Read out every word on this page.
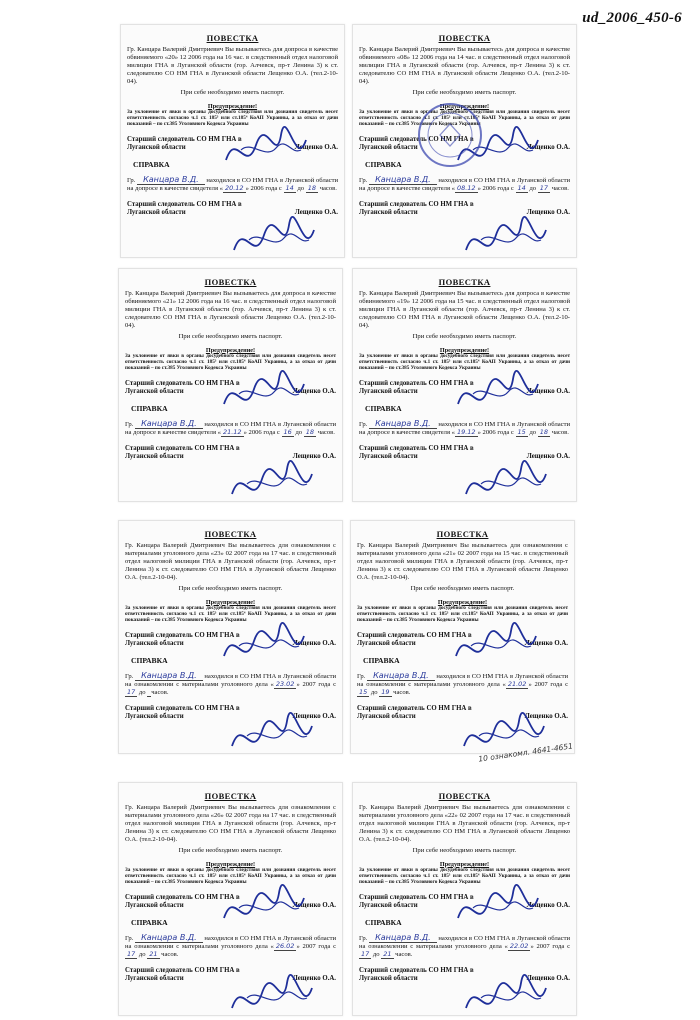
ud_2006_450-6
ПОВЕСТКА
Гр. Канцара Валерий Дмитриевич Вы вызываетесь для допроса в качестве обвиняемого «20» 12 2006 года на 16 час. в следственный отдел налоговой милиции ГНА в Луганской области (гор. Алчевск, пр-т Ленина 3) к ст. следователю СО НМ ГНА в Луганской области Лещенко О.А. (тел.2-10-04).
При себе необходимо иметь паспорт.
Предупреждение!
За уклонение от явки в органы досудебного следствия или дознания свидетель несет ответственность согласно ч.1 ст. 185³ или ст.185⁴ КоАП Украины, а за отказ от дачи показаний – по ст.385 Уголовного Кодекса Украины
Старший следователь СО НМ ГНА в Луганской области	Лещенко О.А.
СПРАВКА
Гр. Канцара В.Д. находился в СО НМ ГНА в Луганской области на допросе в качестве свидетеля « 20.12 » 2006 года с 14 до 18 часов.
Старший следователь СО НМ ГНА в Луганской области	Лещенко О.А.
ПОВЕСТКА
Гр. Канцара Валерий Дмитриевич Вы вызываетесь для допроса в качестве обвиняемого «08» 12 2006 года на 14 час. в следственный отдел налоговой милиции ГНА в Луганской области (гор. Алчевск, пр-т Ленина 3) к ст. следователю СО НМ ГНА в Луганской области Лещенко О.А. (тел.2-10-04).
При себе необходимо иметь паспорт.
Предупреждение!
За уклонение от явки в органы досудебного следствия или дознания свидетель несет ответственность согласно ч.1 ст. 185³ или ст.185⁴ КоАП Украины, а за отказ от дачи показаний – по ст.385 Уголовного Кодекса Украины
Старший следователь СО НМ ГНА в Луганской области	Лещенко О.А.
СПРАВКА
Гр. Канцара В.Д. находился в СО НМ ГНА в Луганской области на допросе в качестве свидетеля « 08.12 » 2006 года с 14 до 17 часов.
Старший следователь СО НМ ГНА в Луганской области	Лещенко О.А.
ПОВЕСТКА
Гр. Канцара Валерий Дмитриевич Вы вызываетесь для допроса в качестве обвиняемого «21» 12 2006 года на 16 час. в следственный отдел налоговой милиции ГНА в Луганской области (гор. Алчевск, пр-т Ленина 3) к ст. следователю СО НМ ГНА в Луганской области Лещенко О.А. (тел.2-10-04).
При себе необходимо иметь паспорт.
Предупреждение!
За уклонение от явки в органы досудебного следствия или дознания свидетель несет ответственность согласно ч.1 ст. 185³ или ст.185⁴ КоАП Украины, а за отказ от дачи показаний – по ст.385 Уголовного Кодекса Украины
Старший следователь СО НМ ГНА в Луганской области	Лещенко О.А.
СПРАВКА
Гр. Канцара В.Д. находился в СО НМ ГНА в Луганской области на допросе в качестве свидетеля « 21.12 » 2006 года с 16 до 18 часов.
Старший следователь СО НМ ГНА в Луганской области	Лещенко О.А.
ПОВЕСТКА
Гр. Канцара Валерий Дмитриевич Вы вызываетесь для допроса в качестве обвиняемого «19» 12 2006 года на 15 час. в следственный отдел налоговой милиции ГНА в Луганской области (гор. Алчевск, пр-т Ленина 3) к ст. следователю СО НМ ГНА в Луганской области Лещенко О.А. (тел.2-10-04).
При себе необходимо иметь паспорт.
Предупреждение!
За уклонение от явки в органы досудебного следствия или дознания свидетель несет ответственность согласно ч.1 ст. 185³ или ст.185⁴ КоАП Украины, а за отказ от дачи показаний – по ст.385 Уголовного Кодекса Украины
Старший следователь СО НМ ГНА в Луганской области	Лещенко О.А.
СПРАВКА
Гр. Канцара В.Д. находился в СО НМ ГНА в Луганской области на допросе в качестве свидетеля « 19.12 » 2006 года с 15 до 18 часов.
Старший следователь СО НМ ГНА в Луганской области	Лещенко О.А.
ПОВЕСТКА
Гр. Канцара Валерий Дмитриевич Вы вызываетесь для ознакомления с материалами уголовного дела «23» 02 2007 года на 17 час. в следственный отдел налоговой милиции ГНА в Луганской области (гор. Алчевск, пр-т Ленина 3) к ст. следователю СО НМ ГНА в Луганской области Лещенко О.А. (тел.2-10-04).
При себе необходимо иметь паспорт.
Предупреждение!
За уклонение от явки в органы досудебного следствия или дознания свидетель несет ответственность согласно ч.1 ст. 185³ или ст.185⁴ КоАП Украины, а за отказ от дачи показаний – по ст.385 Уголовного Кодекса Украины
Старший следователь СО НМ ГНА в Луганской области	Лещенко О.А.
СПРАВКА
Гр. Канцара В.Д. находился в СО НМ ГНА в Луганской области на ознакомлении с материалами уголовного дела « 23.02 » 2007 года с 17 до часов.
Старший следователь СО НМ ГНА в Луганской области	Лещенко О.А.
ПОВЕСТКА
Гр. Канцара Валерий Дмитриевич Вы вызываетесь для ознакомления с материалами уголовного дела «21» 02 2007 года на 15 час. в следственный отдел налоговой милиции ГНА в Луганской области (гор. Алчевск, пр-т Ленина 3) к ст. следователю СО НМ ГНА в Луганской области Лещенко О.А. (тел.2-10-04).
При себе необходимо иметь паспорт.
Предупреждение!
За уклонение от явки в органы досудебного следствия или дознания свидетель несет ответственность согласно ч.1 ст. 185³ или ст.185⁴ КоАП Украины, а за отказ от дачи показаний – по ст.385 Уголовного Кодекса Украины
Старший следователь СО НМ ГНА в Луганской области	Лещенко О.А.
СПРАВКА
Гр. Канцара В.Д. находился в СО НМ ГНА в Луганской области на ознакомлении с материалами уголовного дела « 21.02 » 2007 года с 15 до 19 часов.
Старший следователь СО НМ ГНА в Луганской области	Лещенко О.А.
ПОВЕСТКА
Гр. Канцара Валерий Дмитриевич Вы вызываетесь для ознакомления с материалами уголовного дела «26» 02 2007 года на 17 час. в следственный отдел налоговой милиции ГНА в Луганской области (гор. Алчевск, пр-т Ленина 3) к ст. следователю СО НМ ГНА в Луганской области Лещенко О.А. (тел.2-10-04).
При себе необходимо иметь паспорт.
Предупреждение!
За уклонение от явки в органы досудебного следствия или дознания свидетель несет ответственность согласно ч.1 ст. 185³ или ст.185⁴ КоАП Украины, а за отказ от дачи показаний – по ст.385 Уголовного Кодекса Украины
Старший следователь СО НМ ГНА в Луганской области	Лещенко О.А.
СПРАВКА
Гр. Канцара В.Д. находился в СО НМ ГНА в Луганской области на ознакомлении с материалами уголовного дела « 26.02 » 2007 года с 17 до 21 часов.
Старший следователь СО НМ ГНА в Луганской области	Лещенко О.А.
ПОВЕСТКА
Гр. Канцара Валерий Дмитриевич Вы вызываетесь для ознакомления с материалами уголовного дела «22» 02 2007 года на 17 час. в следственный отдел налоговой милиции ГНА в Луганской области (гор. Алчевск, пр-т Ленина 3) к ст. следователю СО НМ ГНА в Луганской области Лещенко О.А. (тел.2-10-04).
При себе необходимо иметь паспорт.
Предупреждение!
За уклонение от явки в органы досудебного следствия или дознания свидетель несет ответственность согласно ч.1 ст. 185³ или ст.185⁴ КоАП Украины, а за отказ от дачи показаний – по ст.385 Уголовного Кодекса Украины
Старший следователь СО НМ ГНА в Луганской области	Лещенко О.А.
СПРАВКА
Гр. Канцара В.Д. находился в СО НМ ГНА в Луганской области на ознакомлении с материалами уголовного дела « 22.02 » 2007 года с 17 до 21 часов.
Старший следователь СО НМ ГНА в Луганской области	Лещенко О.А.
10 ознакомл. 4641-4651
